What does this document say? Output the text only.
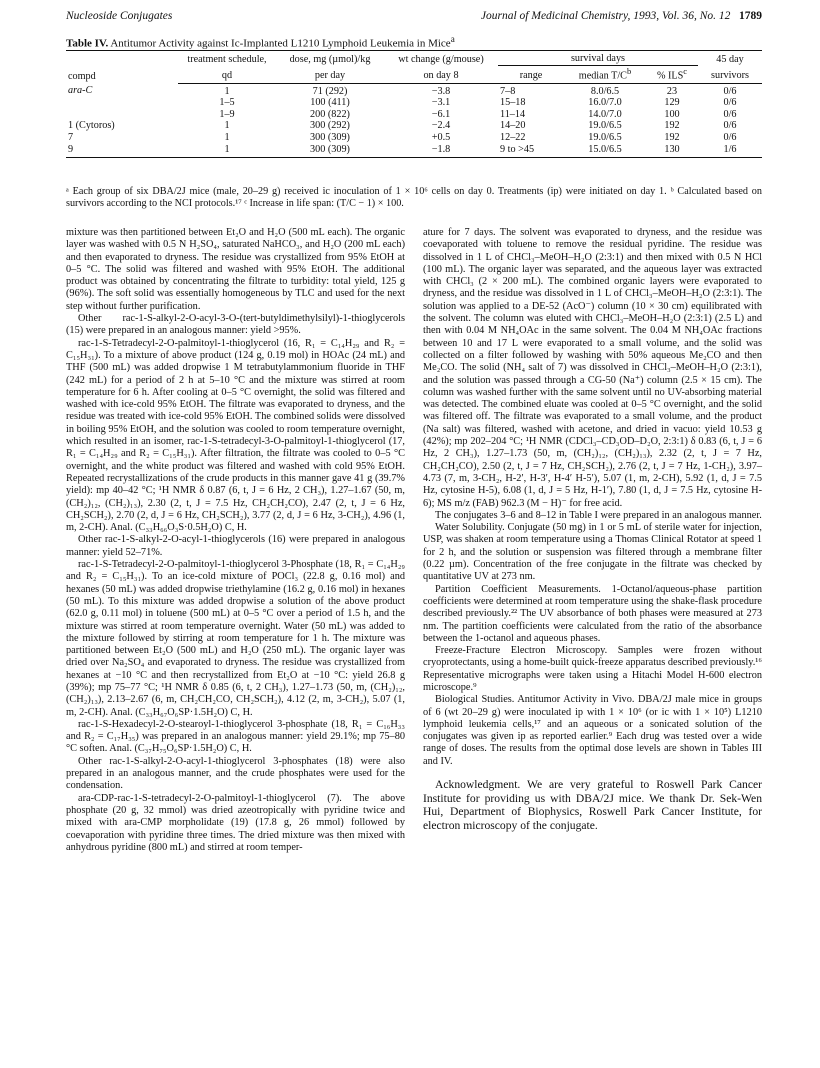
Nucleoside Conjugates	Journal of Medicinal Chemistry, 1993, Vol. 36, No. 12 1789
Table IV. Antitumor Activity against Ic-Implanted L1210 Lymphoid Leukemia in Mice$^a$
compd	treatment schedule,	dose, mg (µmol)/kg	wt change (g/mouse)	survival days			45 day
	qd	per day	on day 8	range	median $T/C^b$	% ILS$^c$	survivors
ara-C	1	71 (292)	−3.8	7–8	8.0/6.5	23	0/6
	1–5	100 (411)	−3.1	15–18	16.0/7.0	129	0/6
	1–9	200 (822)	−6.1	11–14	14.0/7.0	100	0/6
1 (Cytoros)	1	300 (292)	−2.4	14–20	19.0/6.5	192	0/6
7	1	300 (309)	+0.5	12–22	19.0/6.5	192	0/6
9	1	300 (309)	−1.8	9 to >45	15.0/6.5	130	1/6
ᵃ Each group of six DBA/2J mice (male, 20–29 g) received ic inoculation of 1 × 10⁶ cells on day 0. Treatments (ip) were initiated on day 1. ᵇ Calculated based on survivors according to the NCI protocols.¹⁷ ᶜ Increase in life span: (T/C − 1) × 100.

mixture was then partitioned between Et₂O and H₂O (500 mL each). The organic layer was washed with 0.5 N H₂SO₄, saturated NaHCO₃, and H₂O (200 mL each) and then evaporated to dryness. The residue was crystallized from 95% EtOH at 0–5 °C. The solid was filtered and washed with 95% EtOH. The additional product was obtained by concentrating the filtrate to turbidity: total yield, 125 g (96%). The soft solid was essentially homogeneous by TLC and used for the next step without further purification.

Other rac-1-S-alkyl-2-O-acyl-3-O-(tert-butyldimethylsilyl)-1-thioglycerols (15) were prepared in an analogous manner: yield >95%.

rac-1-S-Tetradecyl-2-O-palmitoyl-1-thioglycerol (16, R₁ = C₁₄H₂₉ and R₂ = C₁₅H₃₁). To a mixture of above product (124 g, 0.19 mol) in HOAc (24 mL) and THF (500 mL) was added dropwise 1 M tetrabutylammonium fluoride in THF (242 mL) for a period of 2 h at 5–10 °C and the mixture was stirred at room temperature for 6 h. After cooling at 0–5 °C overnight, the solid was filtered and washed with ice-cold 95% EtOH. The filtrate was evaporated to dryness, and the residue was treated with ice-cold 95% EtOH. The combined solids were dissolved in boiling 95% EtOH, and the solution was cooled to room temperature overnight, which resulted in an isomer, rac-1-S-tetradecyl-3-O-palmitoyl-1-thioglycerol (17, R₁ = C₁₄H₂₉ and R₂ = C₁₅H₃₁). After filtration, the filtrate was cooled to 0–5 °C overnight, and the white product was filtered and washed with cold 95% EtOH. Repeated recrystallizations of the crude products in this manner gave 41 g (39.7% yield): mp 40–42 °C; ¹H NMR δ 0.87 (6, t, J = 6 Hz, 2 CH₃), 1.27–1.67 (50, m, (CH₂)₁₂, (CH₂)₁₃), 2.30 (2, t, J = 7.5 Hz, CH₂CH₂CO), 2.47 (2, t, J = 6 Hz, CH₂SCH₂), 2.70 (2, d, J = 6 Hz, CH₂SCH₂), 3.77 (2, d, J = 6 Hz, 3-CH₂), 4.96 (1, m, 2-CH). Anal. (C₃₃H₆₆O₃S·0.5H₂O) C, H.

Other rac-1-S-alkyl-2-O-acyl-1-thioglycerols (16) were prepared in analogous manner: yield 52–71%.

rac-1-S-Tetradecyl-2-O-palmitoyl-1-thioglycerol 3-Phosphate (18, R₁ = C₁₄H₂₉ and R₂ = C₁₅H₃₁). To an ice-cold mixture of POCl₃ (22.8 g, 0.16 mol) and hexanes (50 mL) was added dropwise triethylamine (16.2 g, 0.16 mol) in hexanes (50 mL). To this mixture was added dropwise a solution of the above product (62.0 g, 0.11 mol) in toluene (500 mL) at 0–5 °C over a period of 1.5 h, and the mixture was stirred at room temperature overnight. Water (50 mL) was added to the mixture followed by stirring at room temperature for 1 h. The mixture was partitioned between Et₂O (500 mL) and H₂O (250 mL). The organic layer was dried over Na₂SO₄ and evaporated to dryness. The residue was crystallized from hexanes at −10 °C and then recrystallized from Et₂O at −10 °C: yield 26.8 g (39%); mp 75–77 °C; ¹H NMR δ 0.85 (6, t, 2 CH₃), 1.27–1.73 (50, m, (CH₂)₁₂, (CH₂)₁₃), 2.13–2.67 (6, m, CH₂CH₂CO, CH₂SCH₂), 4.12 (2, m, 3-CH₂), 5.07 (1, m, 2-CH). Anal. (C₃₃H₆₇O₆SP·1.5H₂O) C, H.

rac-1-S-Hexadecyl-2-O-stearoyl-1-thioglycerol 3-phosphate (18, R₁ = C₁₆H₃₃ and R₂ = C₁₇H₃₅) was prepared in an analogous manner: yield 29.1%; mp 75–80 °C soften. Anal. (C₃₇H₇₅O₆SP·1.5H₂O) C, H.

Other rac-1-S-alkyl-2-O-acyl-1-thioglycerol 3-phosphates (18) were also prepared in an analogous manner, and the crude phosphates were used for the condensation.

ara-CDP-rac-1-S-tetradecyl-2-O-palmitoyl-1-thioglycerol (7). The above phosphate (20 g, 32 mmol) was dried azeotropically with pyridine twice and mixed with ara-CMP morpholidate (19) (17.8 g, 26 mmol) followed by coevaporation with pyridine three times. The dried mixture was then mixed with anhydrous pyridine (800 mL) and stirred at room temper-

ature for 7 days. The solvent was evaporated to dryness, and the residue was coevaporated with toluene to remove the residual pyridine. The residue was dissolved in 1 L of CHCl₃–MeOH–H₂O (2:3:1) and then mixed with 0.5 N HCl (100 mL). The organic layer was separated, and the aqueous layer was extracted with CHCl₃ (2 × 200 mL). The combined organic layers were evaporated to dryness, and the residue was dissolved in 1 L of CHCl₃–MeOH–H₂O (2:3:1). The solution was applied to a DE-52 (AcO⁻) column (10 × 30 cm) equilibrated with the solvent. The column was eluted with CHCl₃–MeOH–H₂O (2:3:1) (2.5 L) and then with 0.04 M NH₄OAc in the same solvent. The 0.04 M NH₄OAc fractions between 10 and 17 L were evaporated to a small volume, and the solid was collected on a filter followed by washing with 50% aqueous Me₂CO and then Me₂CO. The solid (NH₄ salt of 7) was dissolved in CHCl₃–MeOH–H₂O (2:3:1), and the solution was passed through a CG-50 (Na⁺) column (2.5 × 15 cm). The column was washed further with the same solvent until no UV-absorbing material was detected. The combined eluate was cooled at 0–5 °C overnight, and the solid was filtered off. The filtrate was evaporated to a small volume, and the product (Na salt) was filtered, washed with acetone, and dried in vacuo: yield 10.53 g (42%); mp 202–204 °C; ¹H NMR (CDCl₃–CD₃OD–D₂O, 2:3:1) δ 0.83 (6, t, J = 6 Hz, 2 CH₃), 1.27–1.73 (50, m, (CH₂)₁₂, (CH₂)₁₃), 2.32 (2, t, J = 7 Hz, CH₂CH₂CO), 2.50 (2, t, J = 7 Hz, CH₂SCH₂), 2.76 (2, t, J = 7 Hz, 1-CH₂), 3.97–4.73 (7, m, 3-CH₂, H-2′, H-3′, H-4′ H-5′), 5.07 (1, m, 2-CH), 5.92 (1, d, J = 7.5 Hz, cytosine H-5), 6.08 (1, d, J = 5 Hz, H-1′), 7.80 (1, d, J = 7.5 Hz, cytosine H-6); MS m/z (FAB) 962.3 (M − H)⁻ for free acid.

The conjugates 3–6 and 8–12 in Table I were prepared in an analogous manner.

Water Solubility. Conjugate (50 mg) in 1 or 5 mL of sterile water for injection, USP, was shaken at room temperature using a Thomas Clinical Rotator at speed 1 for 2 h, and the solution or suspension was filtered through a membrane filter (0.22 µm). Concentration of the free conjugate in the filtrate was checked by quantitative UV at 273 nm.

Partition Coefficient Measurements. 1-Octanol/aqueous-phase partition coefficients were determined at room temperature using the shake-flask procedure described previously.²² The UV absorbance of both phases were measured at 273 nm. The partition coefficients were calculated from the ratio of the absorbance between the 1-octanol and aqueous phases.

Freeze-Fracture Electron Microscopy. Samples were frozen without cryoprotectants, using a home-built quick-freeze apparatus described previously.¹⁶ Representative micrographs were taken using a Hitachi Model H-600 electron microscope.⁹

Biological Studies. Antitumor Activity in Vivo. DBA/2J male mice in groups of 6 (wt 20–29 g) were inoculated ip with 1 × 10⁶ (or ic with 1 × 10⁵) L1210 lymphoid leukemia cells,¹⁷ and an aqueous or a sonicated solution of the conjugates was given ip as reported earlier.⁹ Each drug was tested over a wide range of doses. The results from the optimal dose levels are shown in Tables III and IV.

Acknowledgment. We are very grateful to Roswell Park Cancer Institute for providing us with DBA/2J mice. We thank Dr. Sek-Wen Hui, Department of Biophysics, Roswell Park Cancer Institute, for electron microscopy of the conjugate.
